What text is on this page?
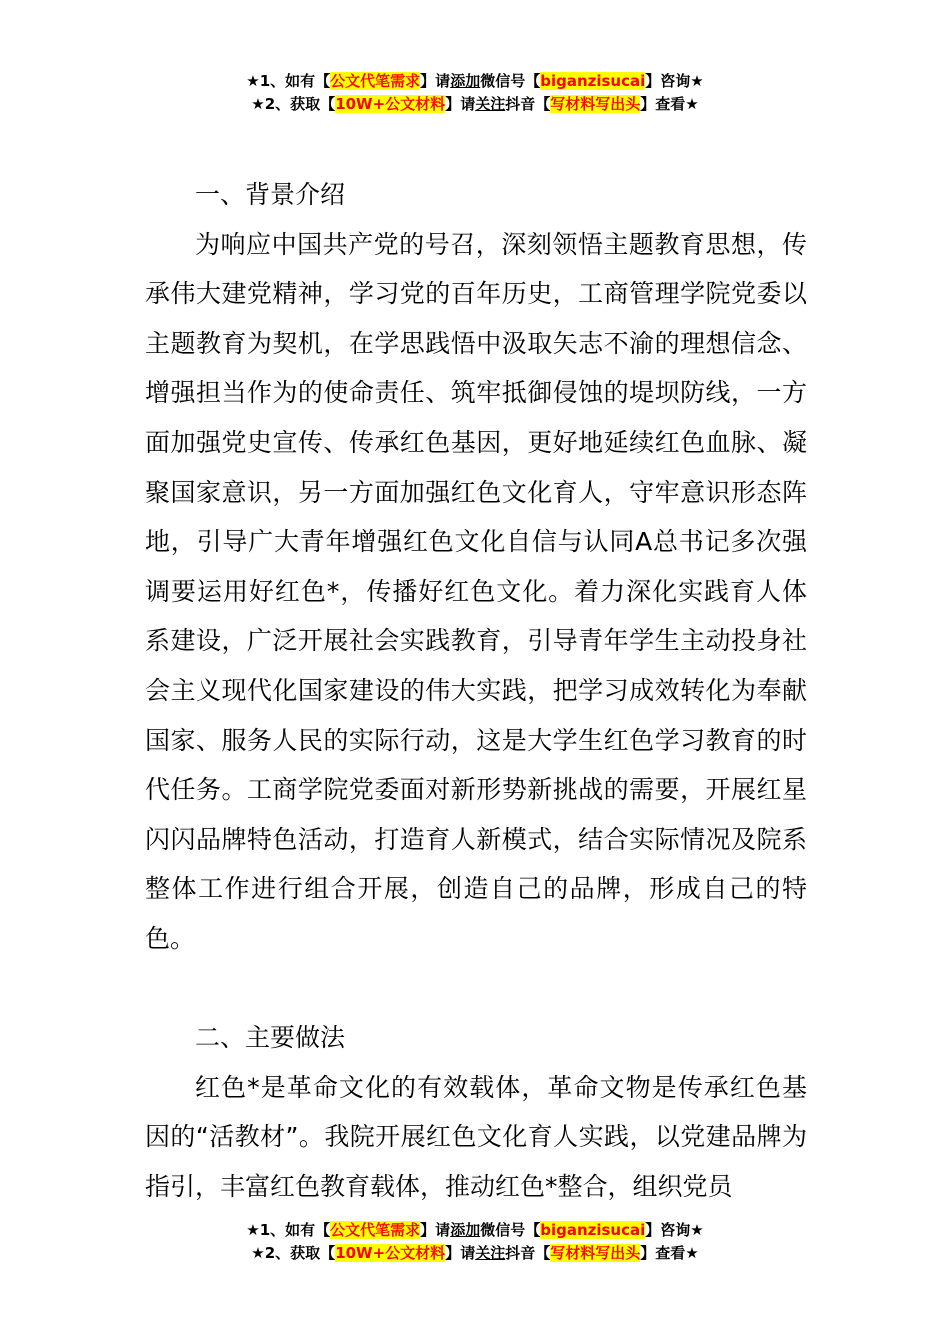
★1、如有【公文代笔需求】请添加微信号【biganzisucai】咨询★
★2、获取【10W+公文材料】请关注抖音【写材料写出头】查看★

一、背景介绍

为响应中国共产党的号召，深刻领悟主题教育思想，传承伟大建党精神，学习党的百年历史，工商管理学院党委以主题教育为契机，在学思践悟中汲取矢志不渝的理想信念、增强担当作为的使命责任、筑牢抵御侵蚀的堤坝防线，一方面加强党史宣传、传承红色基因，更好地延续红色血脉、凝聚国家意识，另一方面加强红色文化育人，守牢意识形态阵地，引导广大青年增强红色文化自信与认同A总书记多次强调要运用好红色*，传播好红色文化。着力深化实践育人体系建设，广泛开展社会实践教育，引导青年学生主动投身社会主义现代化国家建设的伟大实践，把学习成效转化为奉献国家、服务人民的实际行动，这是大学生红色学习教育的时代任务。工商学院党委面对新形势新挑战的需要，开展红星闪闪品牌特色活动，打造育人新模式，结合实际情况及院系整体工作进行组合开展，创造自己的品牌，形成自己的特色。

二、主要做法

红色*是革命文化的有效载体，革命文物是传承红色基因的“活教材”。我院开展红色文化育人实践，以党建品牌为指引，丰富红色教育载体，推动红色*整合，组织党员

★1、如有【公文代笔需求】请添加微信号【biganzisucai】咨询★
★2、获取【10W+公文材料】请关注抖音【写材料写出头】查看★
